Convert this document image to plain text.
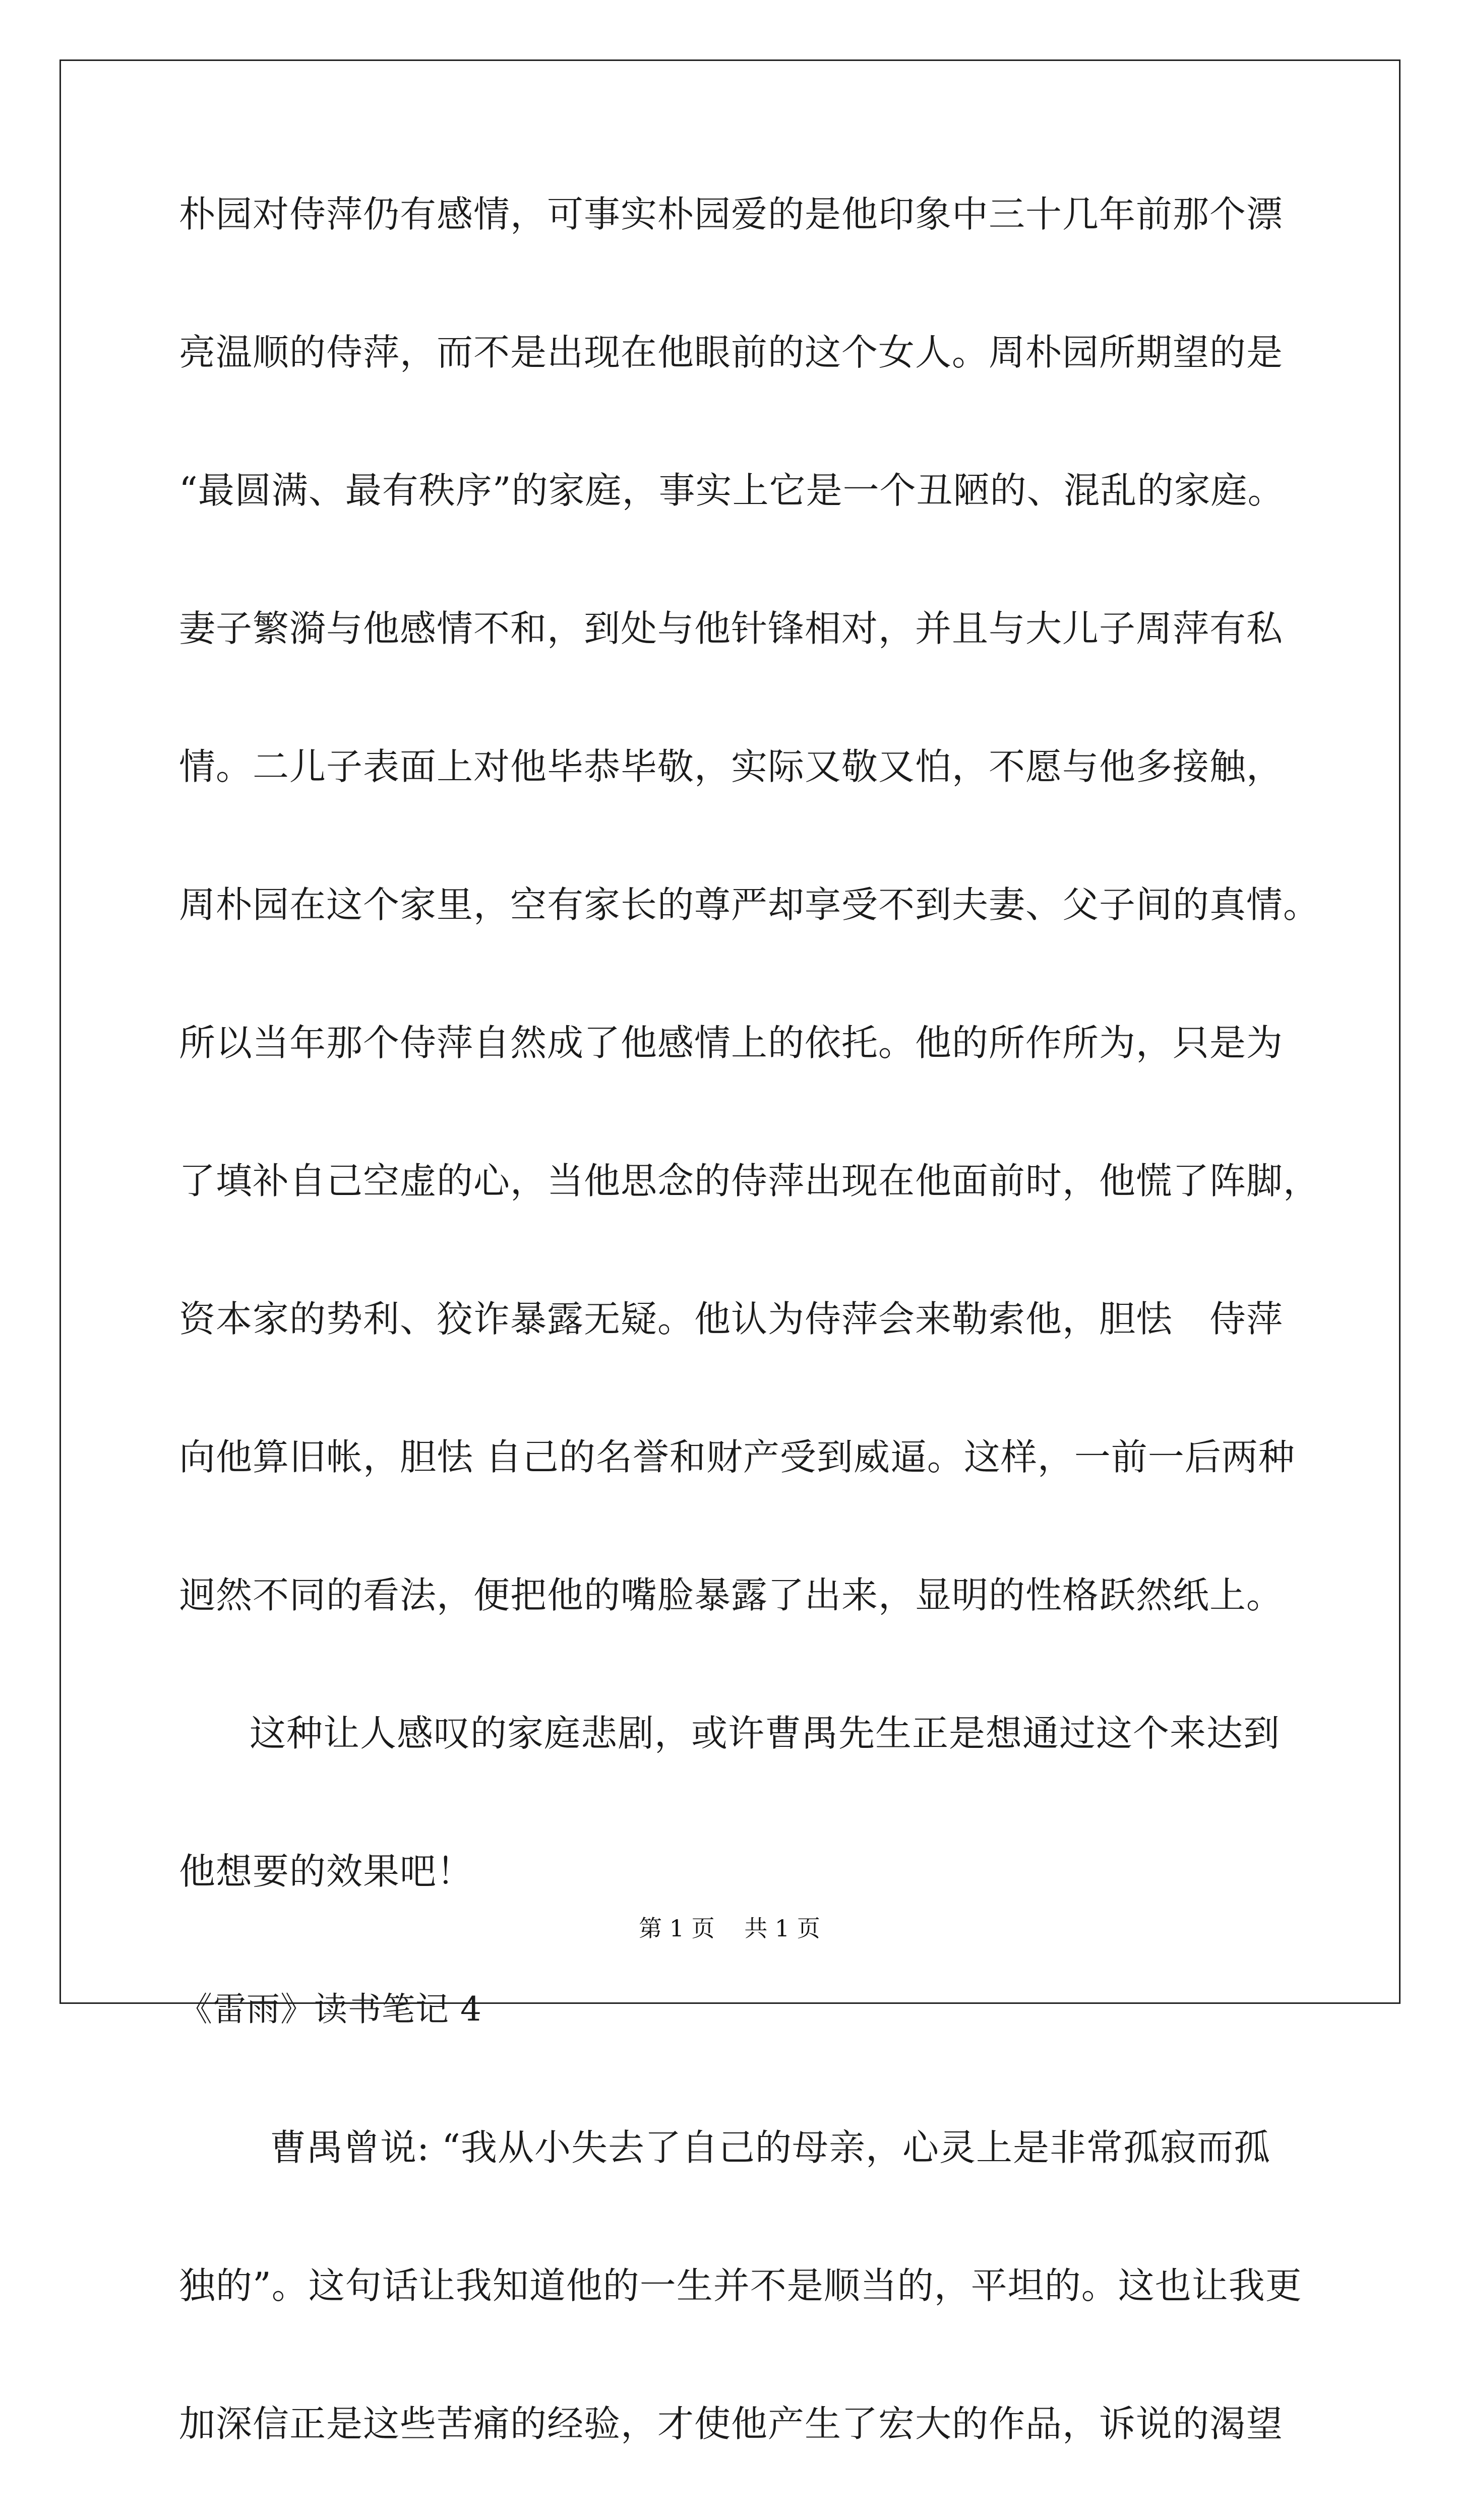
朴园对侍萍仍有感情，可事实朴园爱的是他印象中三十几年前那个漂
亮温顺的侍萍，而不是出现在他眼前的这个女人。周朴园所期望的是
“最圆满、最有秩序”的家庭，事实上它是一个丑陋的、混乱的家庭。
妻子繁漪与他感情不和，到处与他针锋相对，并且与大儿子周萍有私
情。二儿子表面上对他毕恭毕敬，实际又敬又怕，不愿与他多接触，
周朴园在这个家里，空有家长的尊严却享受不到夫妻、父子间的真情。
所以当年那个侍萍自然成了他感情上的依托。他的所作所为，只是为
了填补自己空虚的心，当他思念的侍萍出现在他面前时，他慌了阵脚，
资本家的势利、狡诈暴露无疑。他认为侍萍会来勒索他，胆怯　侍萍
向他算旧帐，胆怯 自己的名誉和财产受到威逼。这样，一前一后两种
迥然不同的看法，便把他的嘴脸暴露了出来，显明的性格跃然纸上。
这种让人感叹的家庭悲剧，或许曹禺先生正是想通过这个来达到
他想要的效果吧！
《雷雨》读书笔记 4
曹禺曾说: “我从小失去了自己的母亲，心灵上是非常孤寂而孤
独的”。这句话让我知道他的一生并不是顺当的，平坦的。这也让我更
加深信正是这些苦痛的经验，才使他产生了宏大的作品，诉说的渴望
第 1 页 共 1 页
